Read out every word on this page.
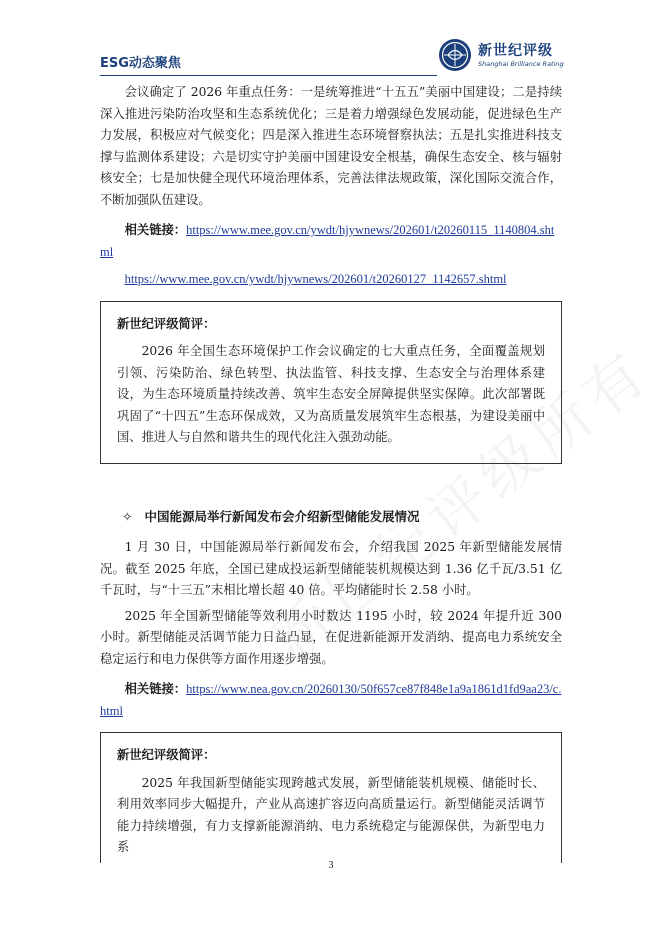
ESG动态聚焦
新世纪评级
Shanghai Brilliance Rating

会议确定了 2026 年重点任务：一是统筹推进“十五五”美丽中国建设；二是持续深入推进污染防治攻坚和生态系统优化；三是着力增强绿色发展动能，促进绿色生产力发展，积极应对气候变化；四是深入推进生态环境督察执法；五是扎实推进科技支撑与监测体系建设；六是切实守护美丽中国建设安全根基，确保生态安全、核与辐射核安全；七是加快健全现代环境治理体系，完善法律法规政策，深化国际交流合作，不断加强队伍建设。

相关链接：https://www.mee.gov.cn/ywdt/hjywnews/202601/t20260115_1140804.shtml

https://www.mee.gov.cn/ywdt/hjywnews/202601/t20260127_1142657.shtml

新世纪评级简评：

2026 年全国生态环境保护工作会议确定的七大重点任务，全面覆盖规划引领、污染防治、绿色转型、执法监管、科技支撑、生态安全与治理体系建设，为生态环境质量持续改善、筑牢生态安全屏障提供坚实保障。此次部署既巩固了“十四五”生态环保成效，又为高质量发展筑牢生态根基，为建设美丽中国、推进人与自然和谐共生的现代化注入强劲动能。

✧ 中国能源局举行新闻发布会介绍新型储能发展情况

1 月 30 日，中国能源局举行新闻发布会，介绍我国 2025 年新型储能发展情况。截至 2025 年底，全国已建成投运新型储能装机规模达到 1.36 亿千瓦/3.51 亿千瓦时，与“十三五”末相比增长超 40 倍。平均储能时长 2.58 小时。

2025 年全国新型储能等效利用小时数达 1195 小时，较 2024 年提升近 300 小时。新型储能灵活调节能力日益凸显，在促进新能源开发消纳、提高电力系统安全稳定运行和电力保供等方面作用逐步增强。

相关链接：https://www.nea.gov.cn/20260130/50f657ce87f848e1a9a1861d1fd9aa23/c.html

新世纪评级简评：

2025 年我国新型储能实现跨越式发展，新型储能装机规模、储能时长、利用效率同步大幅提升，产业从高速扩容迈向高质量运行。新型储能灵活调节能力持续增强，有力支撑新能源消纳、电力系统稳定与能源保供，为新型电力系

3
